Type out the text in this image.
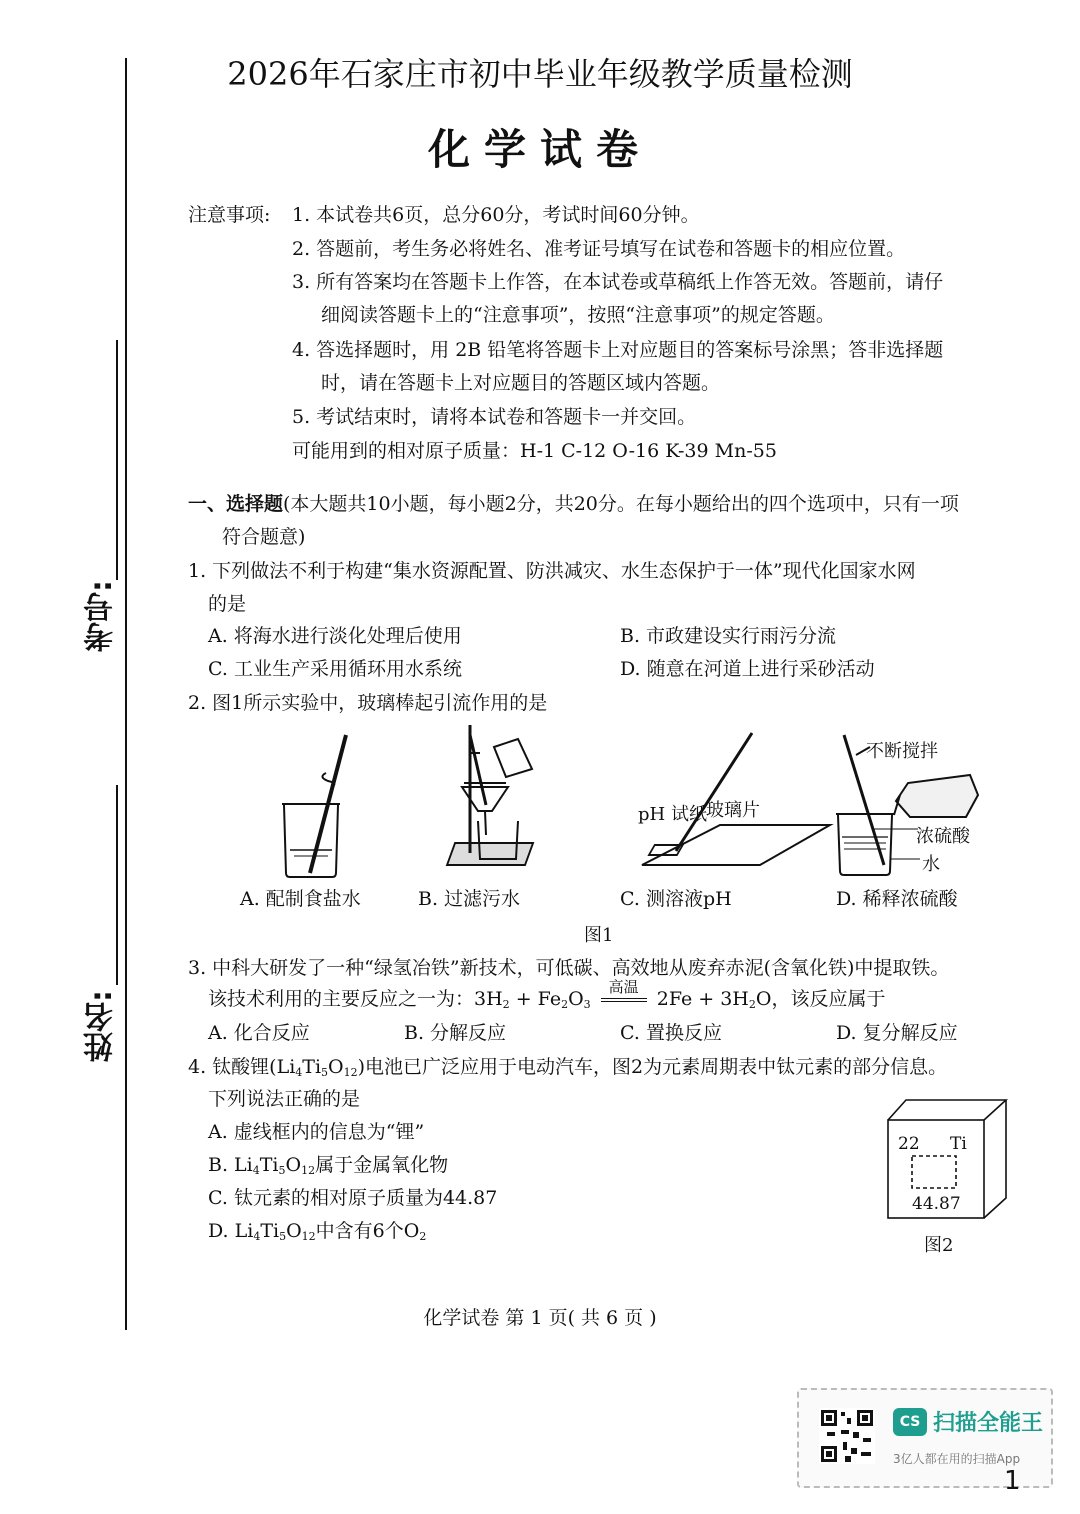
考号:
姓名:
2026年石家庄市初中毕业年级教学质量检测
化学试卷
注意事项: 1. 本试卷共6页，总分60分，考试时间60分钟。
2. 答题前，考生务必将姓名、准考证号填写在试卷和答题卡的相应位置。
3. 所有答案均在答题卡上作答，在本试卷或草稿纸上作答无效。答题前，请仔
细阅读答题卡上的“注意事项”，按照“注意事项”的规定答题。
4. 答选择题时，用 2B 铅笔将答题卡上对应题目的答案标号涂黑；答非选择题
时，请在答题卡上对应题目的答题区域内答题。
5. 考试结束时，请将本试卷和答题卡一并交回。
可能用到的相对原子质量：H-1 C-12 O-16 K-39 Mn-55
一、选择题(本大题共10小题，每小题2分，共20分。在每小题给出的四个选项中，只有一项
符合题意)
1. 下列做法不利于构建“集水资源配置、防洪减灾、水生态保护于一体”现代化国家水网
的是
A. 将海水进行淡化处理后使用	B. 市政建设实行雨污分流
C. 工业生产采用循环用水系统	D. 随意在河道上进行采砂活动
2. 图1所示实验中，玻璃棒起引流作用的是
pH 试纸 玻璃片
不断搅拌
浓硫酸
水
A. 配制食盐水	B. 过滤污水	C. 测溶液pH	D. 稀释浓硫酸
图1
3. 中科大研发了一种“绿氢冶铁”新技术，可低碳、高效地从废弃赤泥(含氧化铁)中提取铁。
该技术利用的主要反应之一为：$3H_2 + Fe_2O_3$
高温
$2Fe + 3H_2O$，该反应属于
A. 化合反应	B. 分解反应	C. 置换反应	D. 复分解反应
4. 钛酸锂$(Li_4Ti_5O_{12})$电池已广泛应用于电动汽车，图2为元素周期表中钛元素的部分信息。
下列说法正确的是
A. 虚线框内的信息为“锂”
B. $Li_4Ti_5O_{12}$属于金属氧化物
C. 钛元素的相对原子质量为44.87
D. $Li_4Ti_5O_{12}$中含有6个$O_2$
22 Ti
44.87
图2
化学试卷 第 1 页( 共 6 页 )
CS 扫描全能王
3亿人都在用的扫描App
1
